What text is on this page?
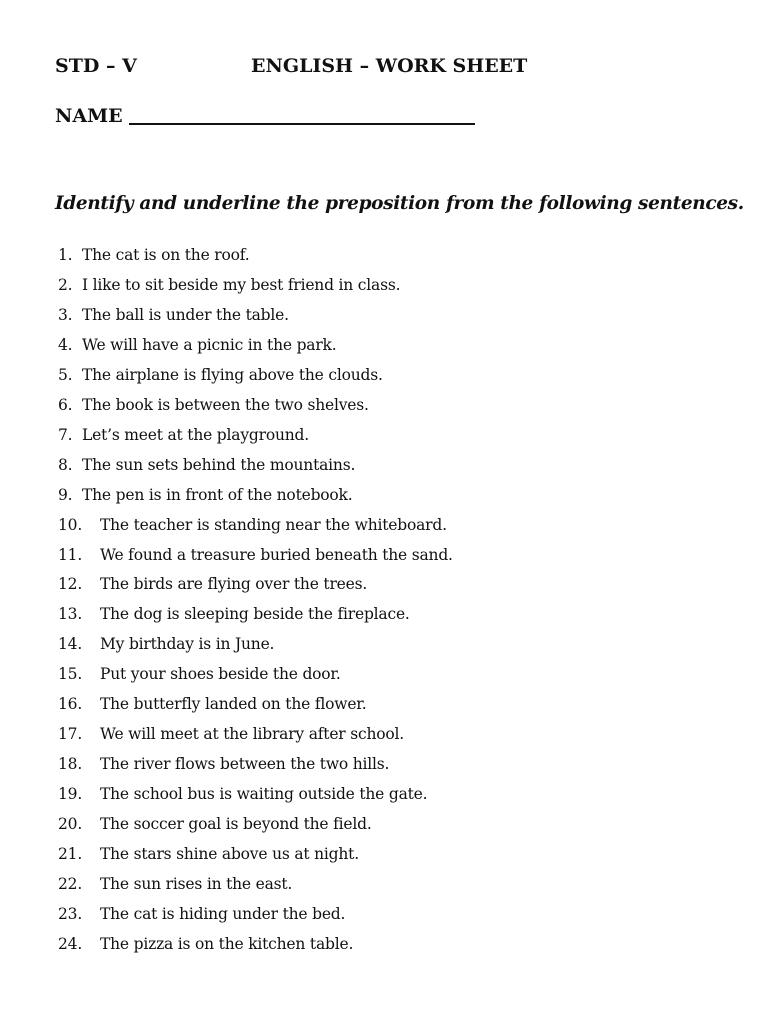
STD – V	ENGLISH – WORK SHEET
NAME
Identify and underline the preposition from the following sentences.
1. The cat is on the roof.
2. I like to sit beside my best friend in class.
3. The ball is under the table.
4. We will have a picnic in the park.
5. The airplane is flying above the clouds.
6. The book is between the two shelves.
7. Let’s meet at the playground.
8. The sun sets behind the mountains.
9. The pen is in front of the notebook.
10. The teacher is standing near the whiteboard.
11. We found a treasure buried beneath the sand.
12. The birds are flying over the trees.
13. The dog is sleeping beside the fireplace.
14. My birthday is in June.
15. Put your shoes beside the door.
16. The butterfly landed on the flower.
17. We will meet at the library after school.
18. The river flows between the two hills.
19. The school bus is waiting outside the gate.
20. The soccer goal is beyond the field.
21. The stars shine above us at night.
22. The sun rises in the east.
23. The cat is hiding under the bed.
24. The pizza is on the kitchen table.
